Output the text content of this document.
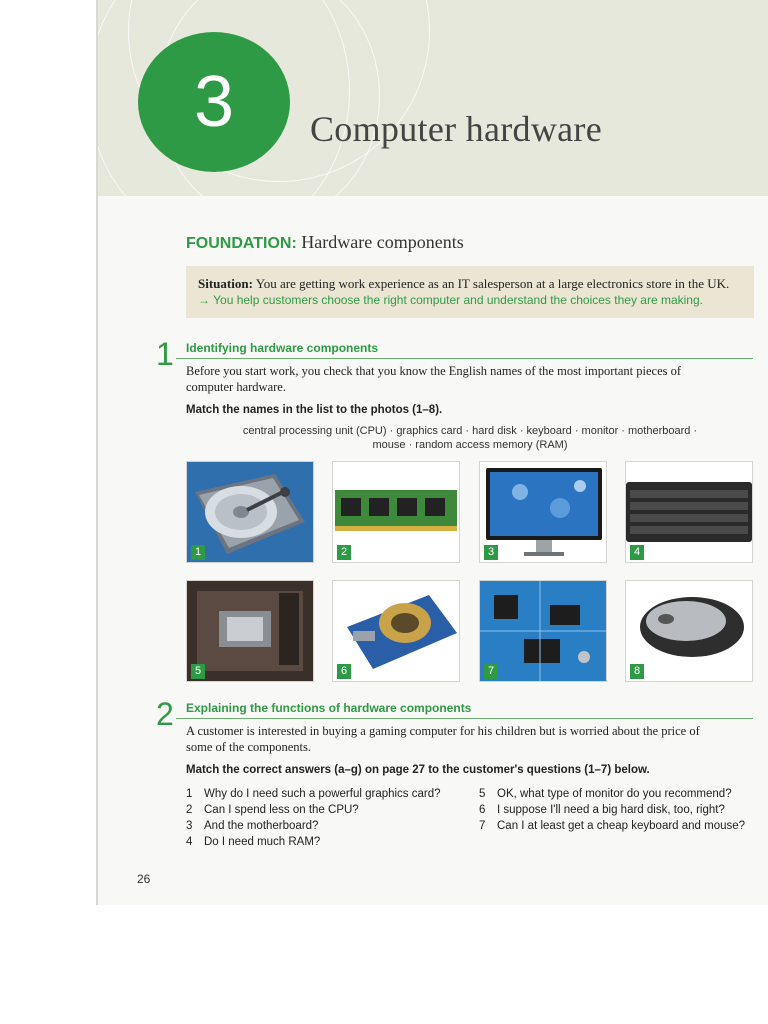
3 Computer hardware
FOUNDATION: Hardware components
Situation: You are getting work experience as an IT salesperson at a large electronics store in the UK.
→ You help customers choose the right computer and understand the choices they are making.
1 Identifying hardware components
Before you start work, you check that you know the English names of the most important pieces of
computer hardware.
Match the names in the list to the photos (1–8).
central processing unit (CPU) · graphics card · hard disk · keyboard · monitor · motherboard ·
mouse · random access memory (RAM)
1	2	3	4
5	6	7	8
2 Explaining the functions of hardware components
A customer is interested in buying a gaming computer for his children but is worried about the price of
some of the components.
Match the correct answers (a–g) on page 27 to the customer's questions (1–7) below.
1 Why do I need such a powerful graphics card?
2 Can I spend less on the CPU?
3 And the motherboard?
4 Do I need much RAM?
5 OK, what type of monitor do you recommend?
6 I suppose I'll need a big hard disk, too, right?
7 Can I at least get a cheap keyboard and mouse?
26
